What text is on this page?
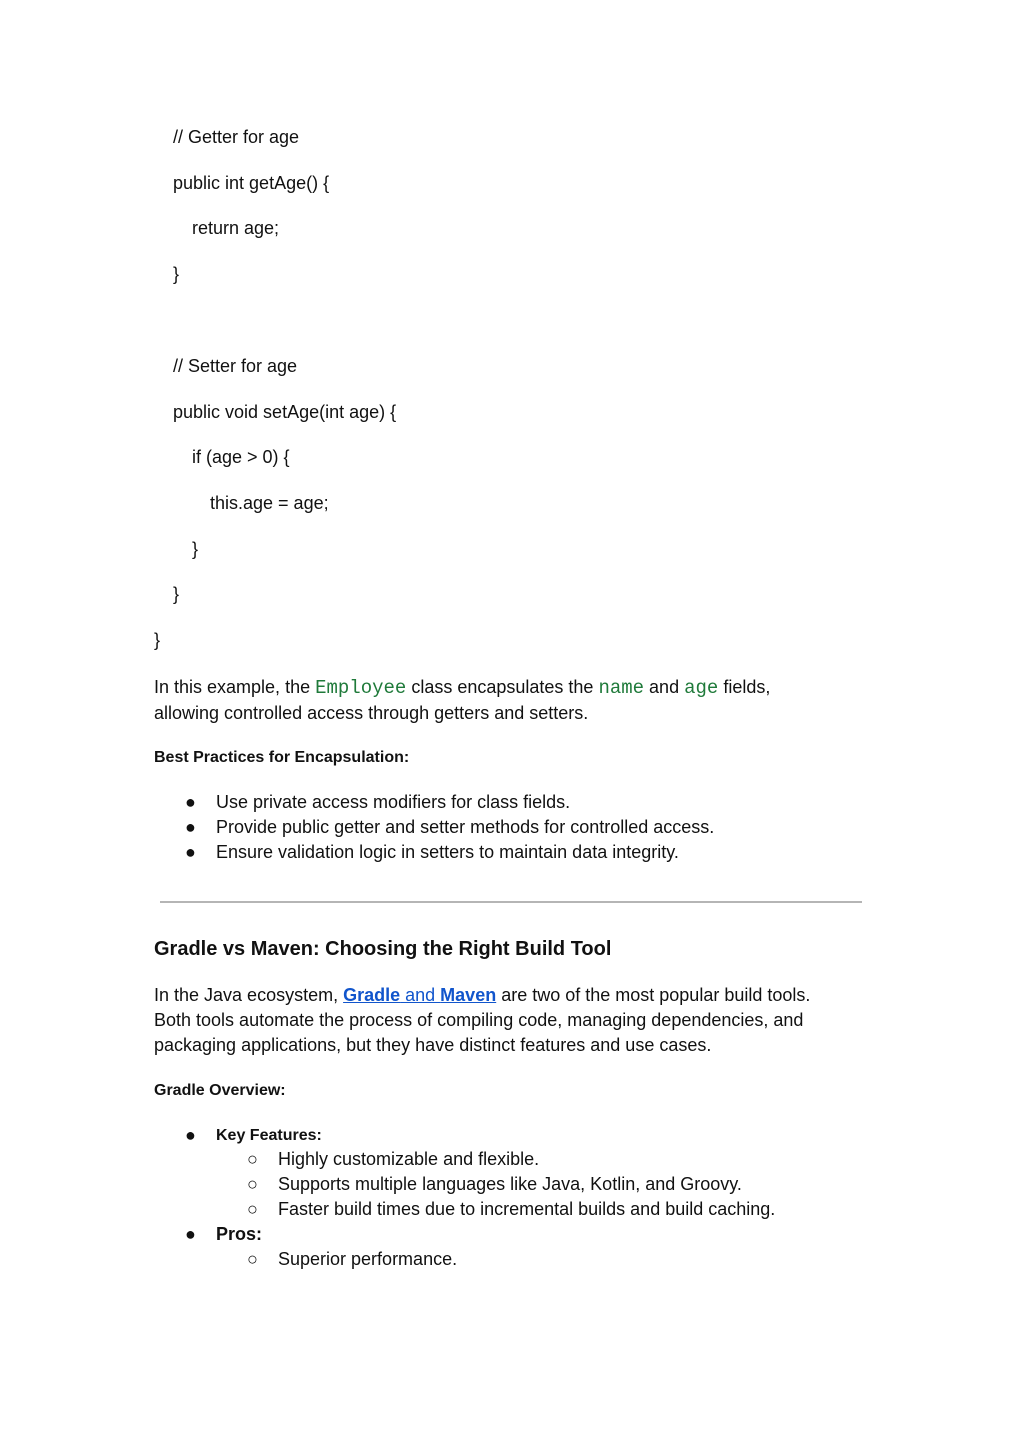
// Getter for age
public int getAge() {
return age;
}
// Setter for age
public void setAge(int age) {
if (age > 0) {
this.age = age;
}
}
}
In this example, the Employee class encapsulates the name and age fields,
allowing controlled access through getters and setters.
Best Practices for Encapsulation:
● Use private access modifiers for class fields.
● Provide public getter and setter methods for controlled access.
● Ensure validation logic in setters to maintain data integrity.
Gradle vs Maven: Choosing the Right Build Tool
In the Java ecosystem, Gradle and Maven are two of the most popular build tools.
Both tools automate the process of compiling code, managing dependencies, and
packaging applications, but they have distinct features and use cases.
Gradle Overview:
● Key Features:
○ Highly customizable and flexible.
○ Supports multiple languages like Java, Kotlin, and Groovy.
○ Faster build times due to incremental builds and build caching.
● Pros:
○ Superior performance.
